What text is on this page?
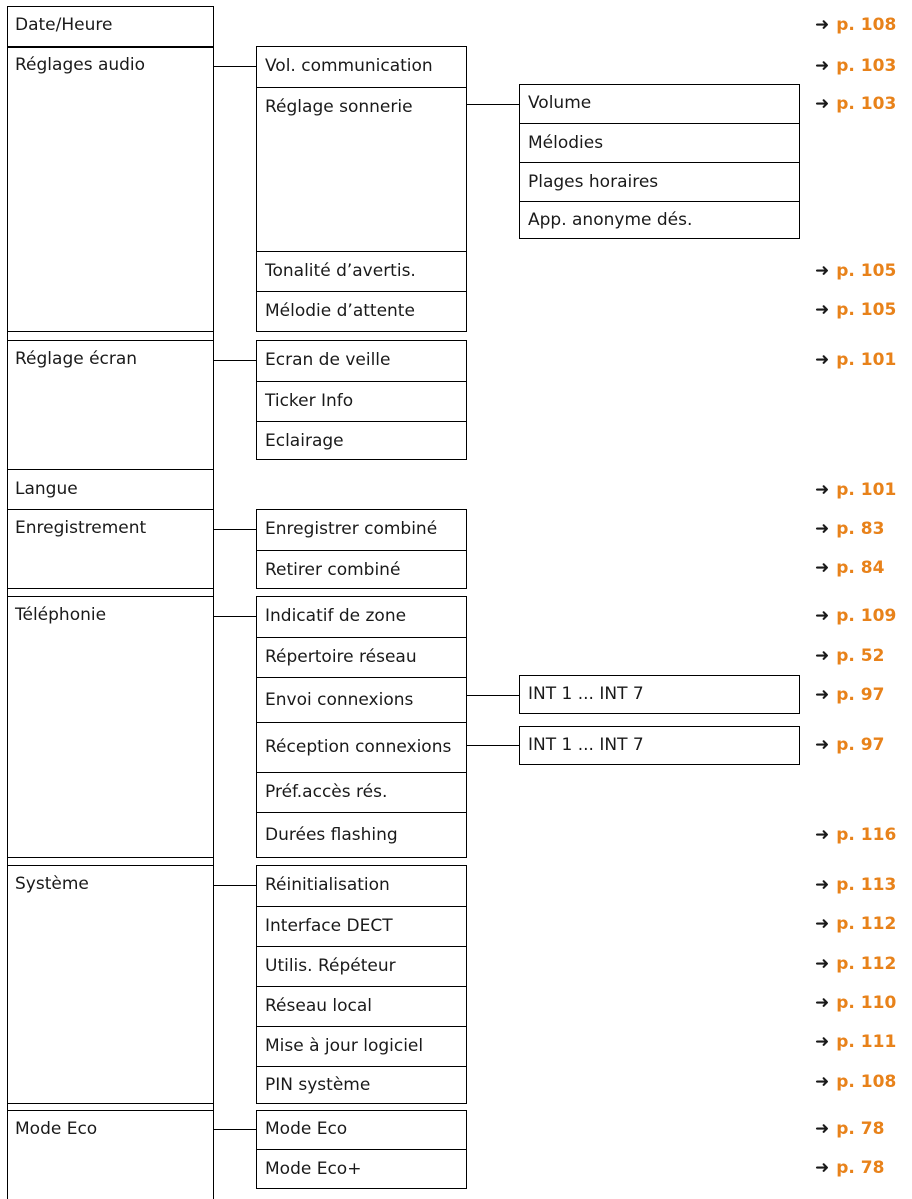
Date/Heure
Réglages audio
Réglage écran
Langue
Enregistrement
Téléphonie
Système
Mode Eco
Vol. communication
Réglage sonnerie
Tonalité d’avertis.
Mélodie d’attente
Volume
Mélodies
Plages horaires
App. anonyme dés.
Ecran de veille
Ticker Info
Eclairage
Enregistrer combiné
Retirer combiné
Indicatif de zone
Répertoire réseau
Envoi connexions
Réception connexions
Préf.accès rés.
Durées flashing
INT 1 ... INT 7
INT 1 ... INT 7
Réinitialisation
Interface DECT
Utilis. Répéteur
Réseau local
Mise à jour logiciel
PIN système
Mode Eco
Mode Eco+
➜ p. 108
➜ p. 103
➜ p. 103
➜ p. 105
➜ p. 105
➜ p. 101
➜ p. 101
➜ p. 83
➜ p. 84
➜ p. 109
➜ p. 52
➜ p. 97
➜ p. 97
➜ p. 116
➜ p. 113
➜ p. 112
➜ p. 112
➜ p. 110
➜ p. 111
➜ p. 108
➜ p. 78
➜ p. 78
